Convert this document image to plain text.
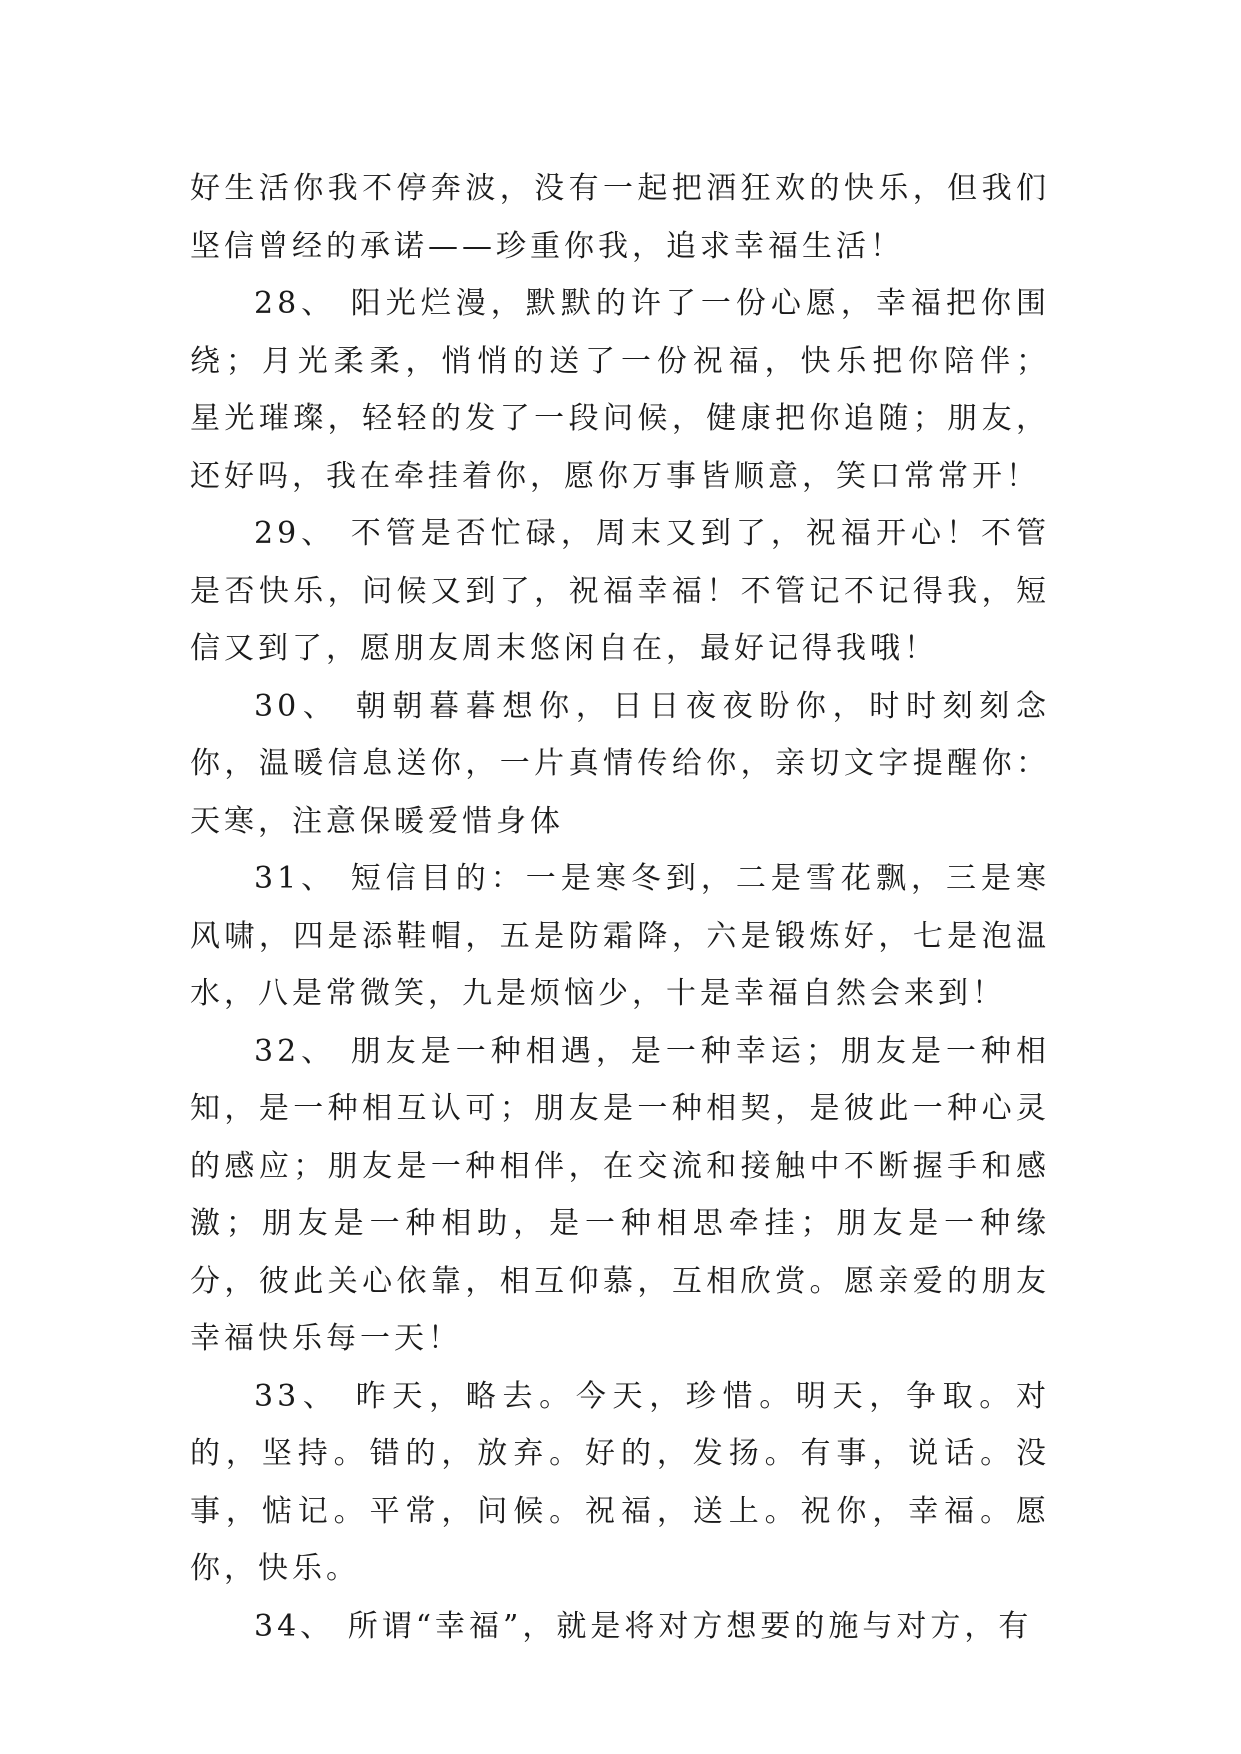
好生活你我不停奔波，没有一起把酒狂欢的快乐，但我们坚信曾经的承诺——珍重你我，追求幸福生活！

28、 阳光烂漫，默默的许了一份心愿，幸福把你围绕；月光柔柔，悄悄的送了一份祝福，快乐把你陪伴； 星光璀璨，轻轻的发了一段问候，健康把你追随；朋友，还好吗，我在牵挂着你，愿你万事皆顺意，笑口常常开！

29、 不管是否忙碌，周末又到了，祝福开心！不管是否快乐，问候又到了，祝福幸福！不管记不记得我，短信又到了，愿朋友周末悠闲自在，最好记得我哦！

30、 朝朝暮暮想你，日日夜夜盼你，时时刻刻念你，温暖信息送你，一片真情传给你，亲切文字提醒你：天寒，注意保暖爱惜身体

31、 短信目的：一是寒冬到，二是雪花飘，三是寒风啸，四是添鞋帽，五是防霜降，六是锻炼好，七是泡温水，八是常微笑，九是烦恼少，十是幸福自然会来到！

32、 朋友是一种相遇，是一种幸运；朋友是一种相知，是一种相互认可；朋友是一种相契，是彼此一种心灵的感应；朋友是一种相伴，在交流和接触中不断握手和感激；朋友是一种相助，是一种相思牵挂；朋友是一种缘分，彼此关心依靠，相互仰慕，互相欣赏。愿亲爱的朋友幸福快乐每一天！

33、 昨天，略去。今天，珍惜。明天，争取。对的，坚持。错的，放弃。好的，发扬。有事，说话。没事，惦记。平常，问候。祝福，送上。祝你，幸福。愿你，快乐。

34、 所谓“幸福”，就是将对方想要的施与对方，有
